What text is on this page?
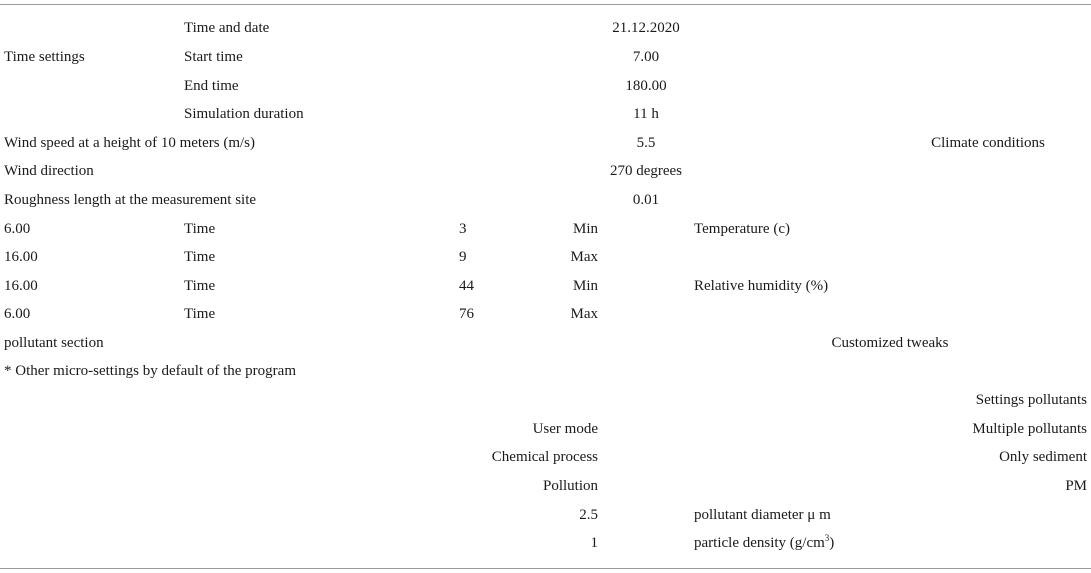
Time and date	21.12.2020
Time settings	Start time	7.00
End time	180.00
Simulation duration	11 h
Wind speed at a height of 10 meters (m/s)	5.5	Climate conditions
Wind direction	270 degrees
Roughness length at the measurement site	0.01
6.00	Time	3	Min	Temperature (c)
16.00	Time	9	Max
16.00	Time	44	Min	Relative humidity (%)
6.00	Time	76	Max
pollutant section	Customized tweaks
* Other micro-settings by default of the program
Settings pollutants
User mode	Multiple pollutants
Chemical process	Only sediment
Pollution	PM
2.5	pollutant diameter μ m
1	particle density $(g/cm^3)$
